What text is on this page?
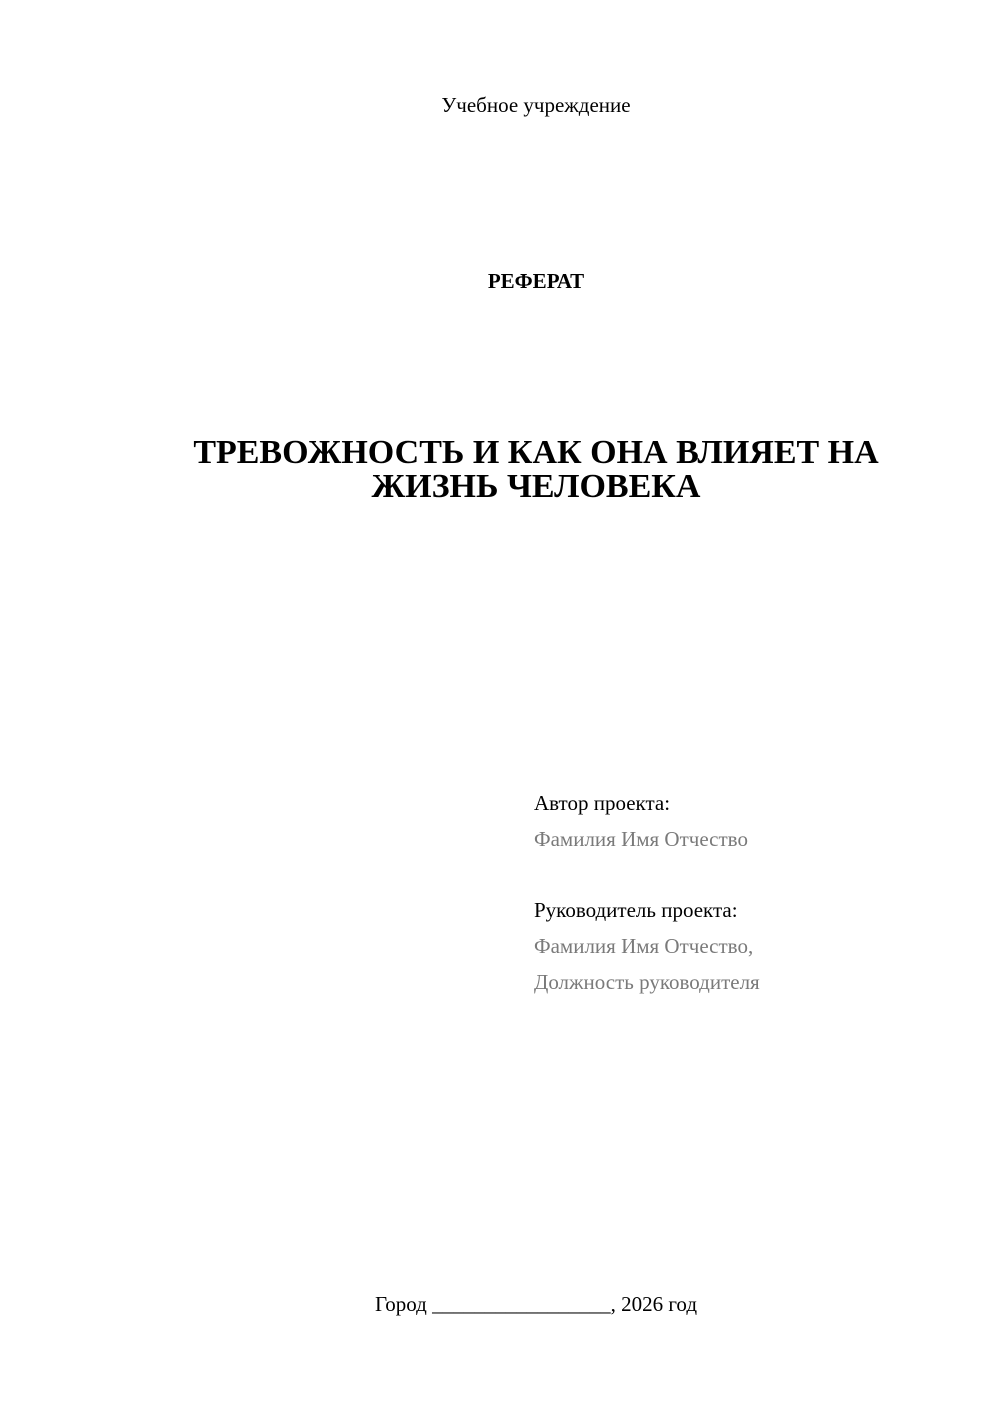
Учебное учреждение
РЕФЕРАТ
ТРЕВОЖНОСТЬ И КАК ОНА ВЛИЯЕТ НА
ЖИЗНЬ ЧЕЛОВЕКА
Автор проекта:
Фамилия Имя Отчество
Руководитель проекта:
Фамилия Имя Отчество,
Должность руководителя
Город _________________, 2026 год
